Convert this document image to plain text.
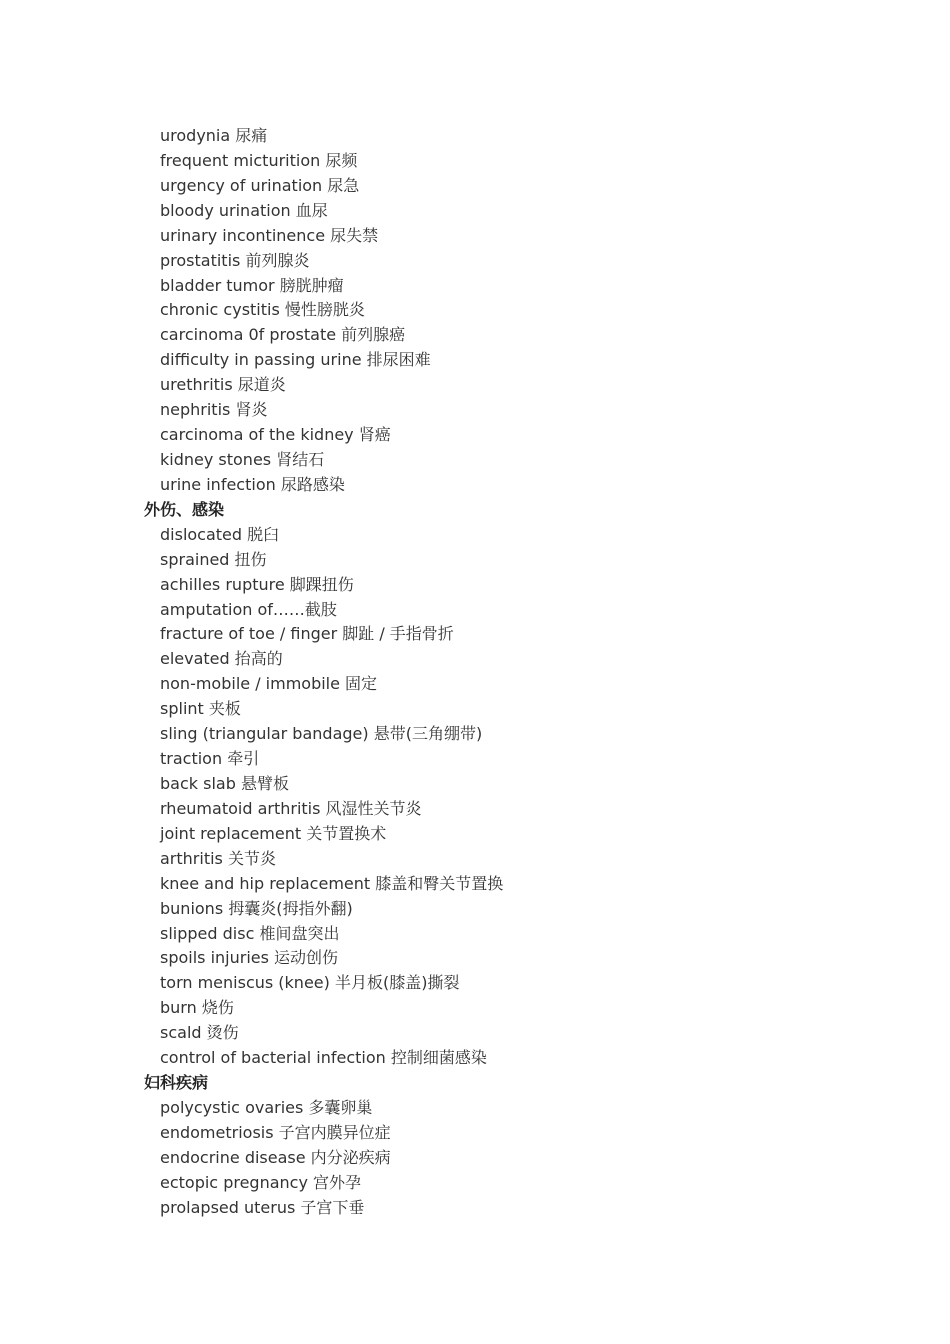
urodynia 尿痛
frequent micturition 尿频
urgency of urination 尿急
bloody urination 血尿
urinary incontinence 尿失禁
prostatitis 前列腺炎
bladder tumor 膀胱肿瘤
chronic cystitis 慢性膀胱炎
carcinoma 0f prostate 前列腺癌
difficulty in passing urine 排尿困难
urethritis 尿道炎
nephritis 肾炎
carcinoma of the kidney 肾癌
kidney stones 肾结石
urine infection 尿路感染
外伤、感染
dislocated 脱臼
sprained 扭伤
achilles rupture 脚踝扭伤
amputation of……截肢
fracture of toe / finger 脚趾 / 手指骨折
elevated 抬高的
non-mobile / immobile 固定
splint 夹板
sling (triangular bandage) 悬带(三角绷带)
traction 牵引
back slab 悬臂板
rheumatoid arthritis 风湿性关节炎
joint replacement 关节置换术
arthritis 关节炎
knee and hip replacement 膝盖和臀关节置换
bunions 拇囊炎(拇指外翻)
slipped disc 椎间盘突出
spoils injuries 运动创伤
torn meniscus (knee) 半月板(膝盖)撕裂
burn 烧伤
scald 烫伤
control of bacterial infection 控制细菌感染
妇科疾病
polycystic ovaries 多囊卵巢
endometriosis 子宫内膜异位症
endocrine disease 内分泌疾病
ectopic pregnancy 宫外孕
prolapsed uterus 子宫下垂
